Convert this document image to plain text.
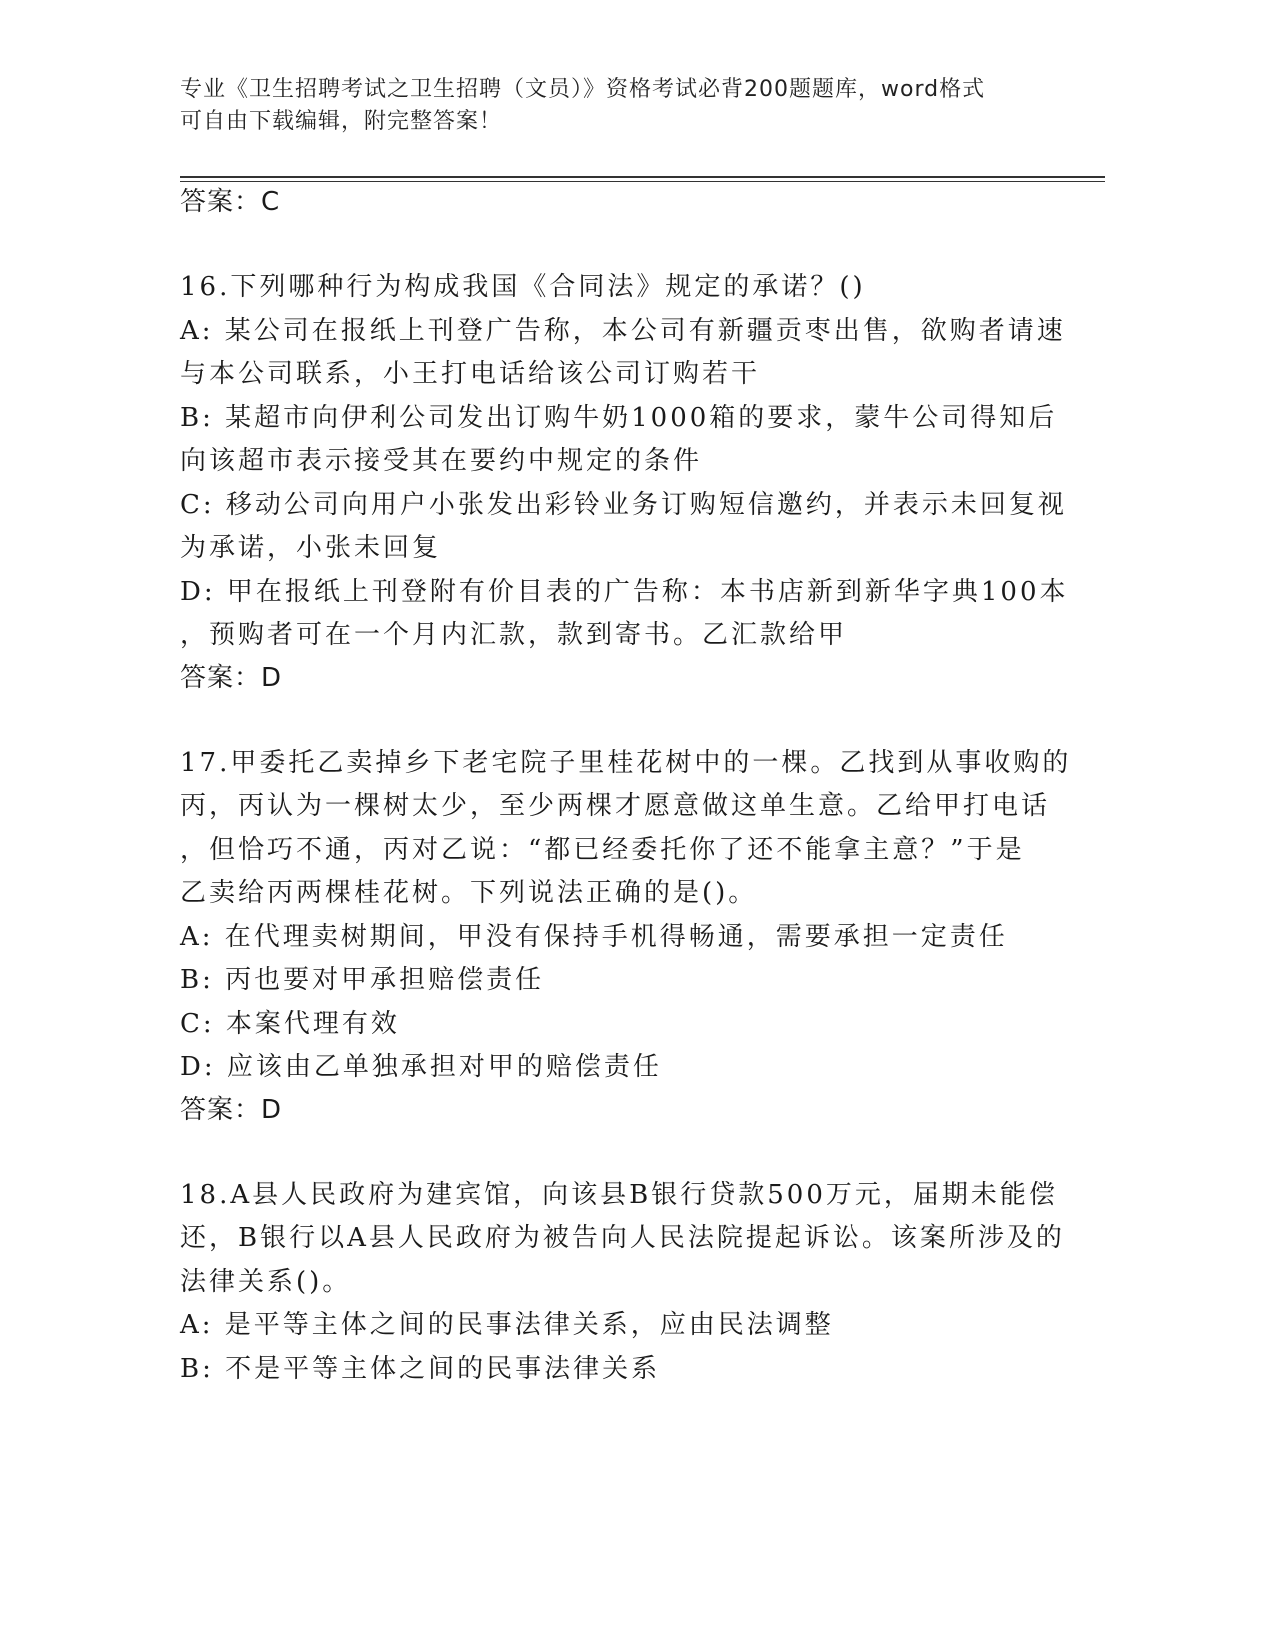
专业《卫生招聘考试之卫生招聘（文员）》资格考试必背200题题库，word格式
可自由下载编辑，附完整答案！
答案：C
16.下列哪种行为构成我国《合同法》规定的承诺？()
A: 某公司在报纸上刊登广告称，本公司有新疆贡枣出售，欲购者请速
与本公司联系，小王打电话给该公司订购若干
B: 某超市向伊利公司发出订购牛奶1000箱的要求，蒙牛公司得知后
向该超市表示接受其在要约中规定的条件
C: 移动公司向用户小张发出彩铃业务订购短信邀约，并表示未回复视
为承诺，小张未回复
D: 甲在报纸上刊登附有价目表的广告称：本书店新到新华字典100本
，预购者可在一个月内汇款，款到寄书。乙汇款给甲
答案：D
17.甲委托乙卖掉乡下老宅院子里桂花树中的一棵。乙找到从事收购的
丙，丙认为一棵树太少，至少两棵才愿意做这单生意。乙给甲打电话
，但恰巧不通，丙对乙说：“都已经委托你了还不能拿主意？”于是
乙卖给丙两棵桂花树。下列说法正确的是()。
A: 在代理卖树期间，甲没有保持手机得畅通，需要承担一定责任
B: 丙也要对甲承担赔偿责任
C: 本案代理有效
D: 应该由乙单独承担对甲的赔偿责任
答案：D
18.A县人民政府为建宾馆，向该县B银行贷款500万元，届期未能偿
还，B银行以A县人民政府为被告向人民法院提起诉讼。该案所涉及的
法律关系()。
A: 是平等主体之间的民事法律关系，应由民法调整
B: 不是平等主体之间的民事法律关系
